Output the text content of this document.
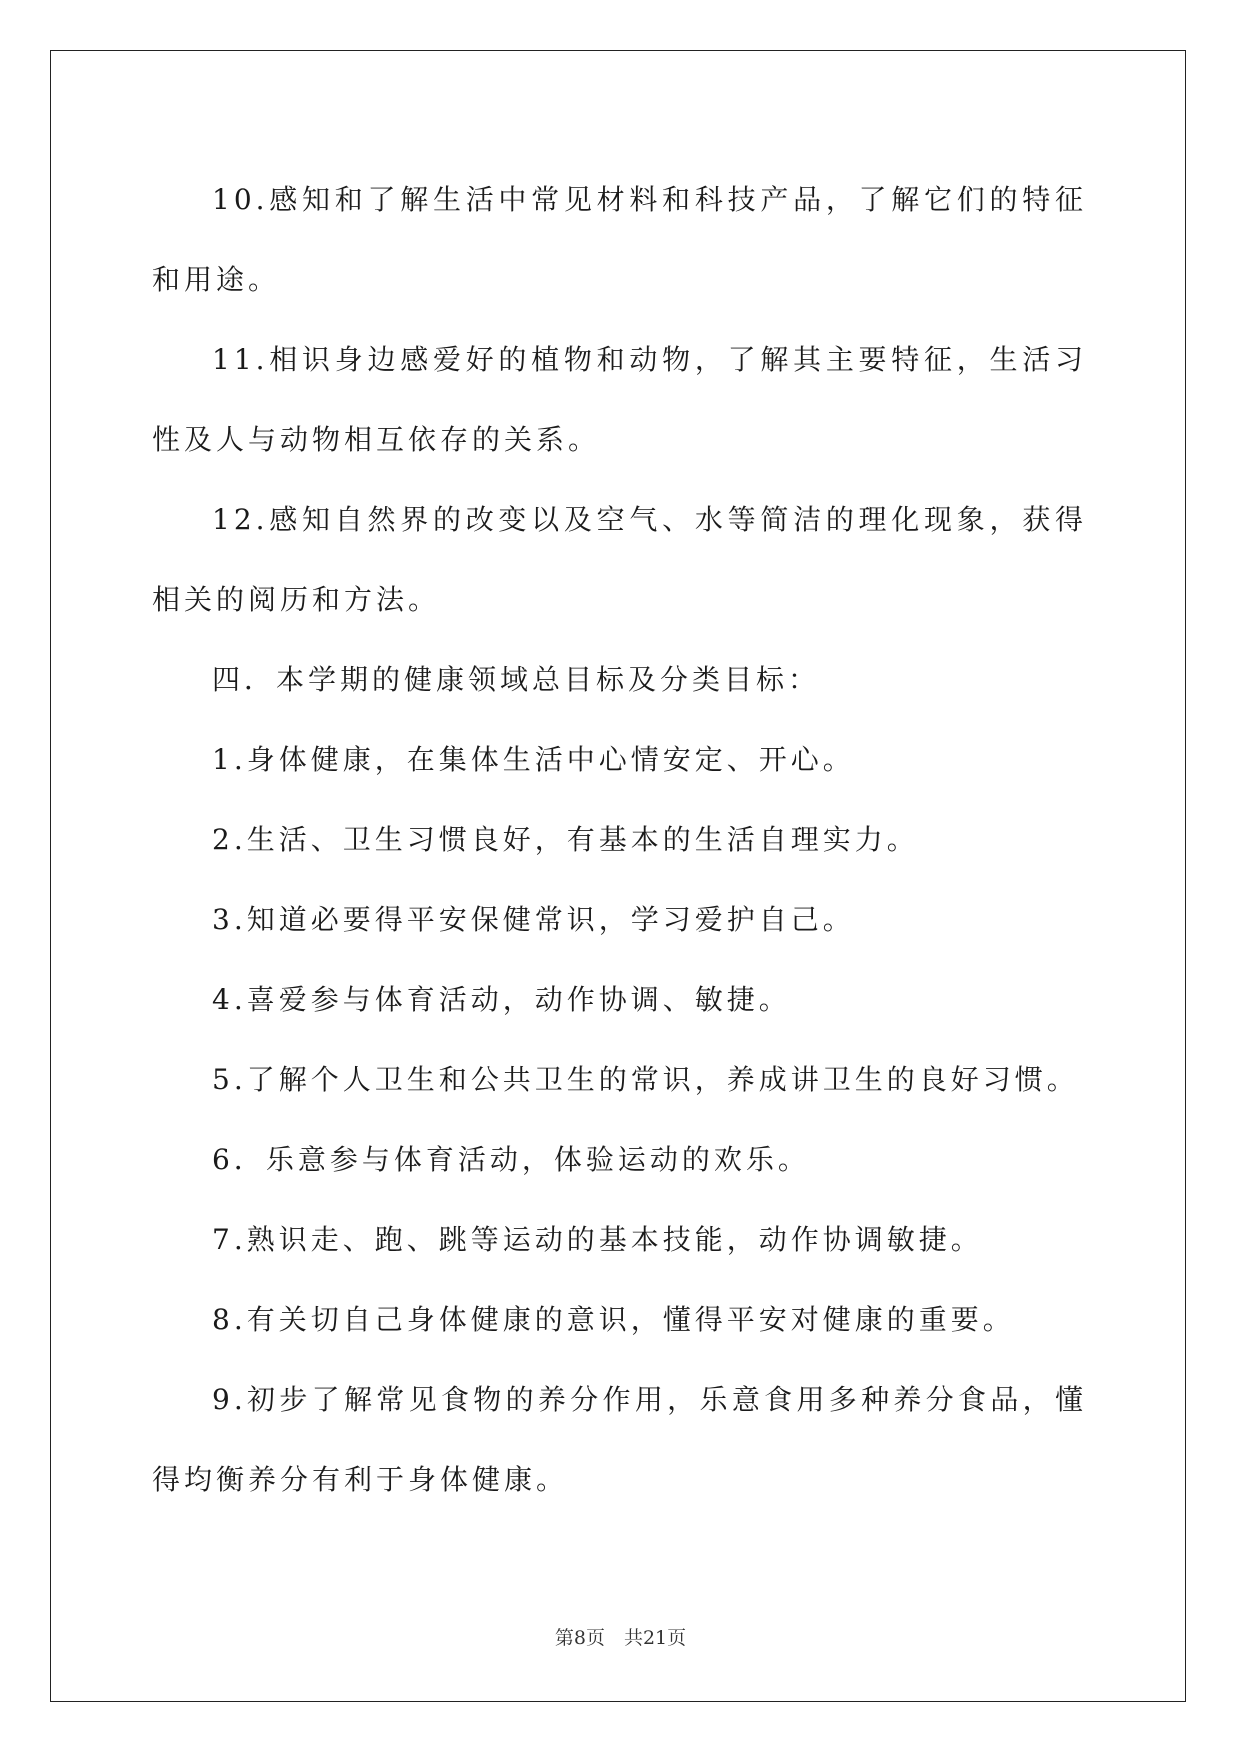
10.感知和了解生活中常见材料和科技产品，了解它们的特征和用途。

11.相识身边感爱好的植物和动物，了解其主要特征，生活习性及人与动物相互依存的关系。

12.感知自然界的改变以及空气、水等简洁的理化现象，获得相关的阅历和方法。

四．本学期的健康领域总目标及分类目标：

1.身体健康，在集体生活中心情安定、开心。

2.生活、卫生习惯良好，有基本的生活自理实力。

3.知道必要得平安保健常识，学习爱护自己。

4.喜爱参与体育活动，动作协调、敏捷。

5.了解个人卫生和公共卫生的常识，养成讲卫生的良好习惯。

6．乐意参与体育活动，体验运动的欢乐。

7.熟识走、跑、跳等运动的基本技能，动作协调敏捷。

8.有关切自己身体健康的意识，懂得平安对健康的重要。

9.初步了解常见食物的养分作用，乐意食用多种养分食品，懂得均衡养分有利于身体健康。

第8页　共21页
